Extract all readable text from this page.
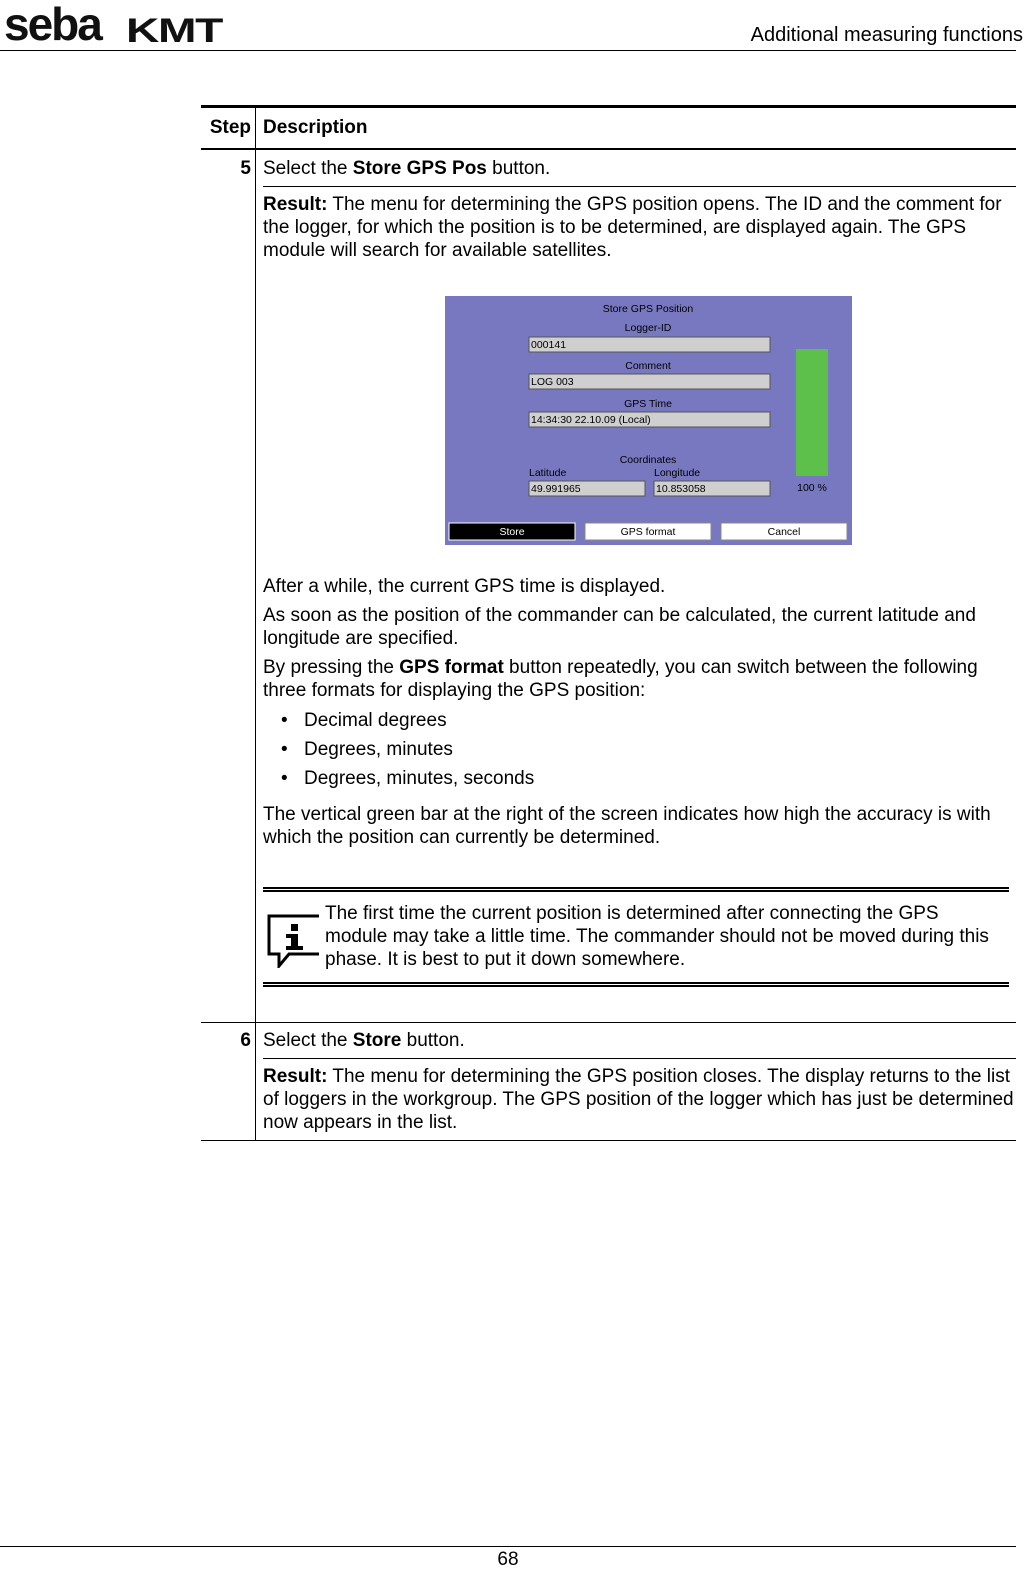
seba KMT	Additional measuring functions
Step Description
5 Select the Store GPS Pos button.

Result: The menu for determining the GPS position opens. The ID and the comment for the logger, for which the position is to be determined, are displayed again. The GPS module will search for available satellites.

Store GPS Position
Logger-ID
000141
Comment
LOG 003
GPS Time
14:34:30 22.10.09 (Local)
Coordinates
Latitude	Longitude
49.991965	10.853058	100 %
Store	GPS format	Cancel

After a while, the current GPS time is displayed.

As soon as the position of the commander can be calculated, the current latitude and longitude are specified.

By pressing the GPS format button repeatedly, you can switch between the following three formats for displaying the GPS position:

• Decimal degrees
• Degrees, minutes
• Degrees, minutes, seconds

The vertical green bar at the right of the screen indicates how high the accuracy is with which the position can currently be determined.

The first time the current position is determined after connecting the GPS module may take a little time. The commander should not be moved during this phase. It is best to put it down somewhere.
6 Select the Store button.
Result: The menu for determining the GPS position closes. The display returns to the list of loggers in the workgroup. The GPS position of the logger which has just be determined now appears in the list.
68
